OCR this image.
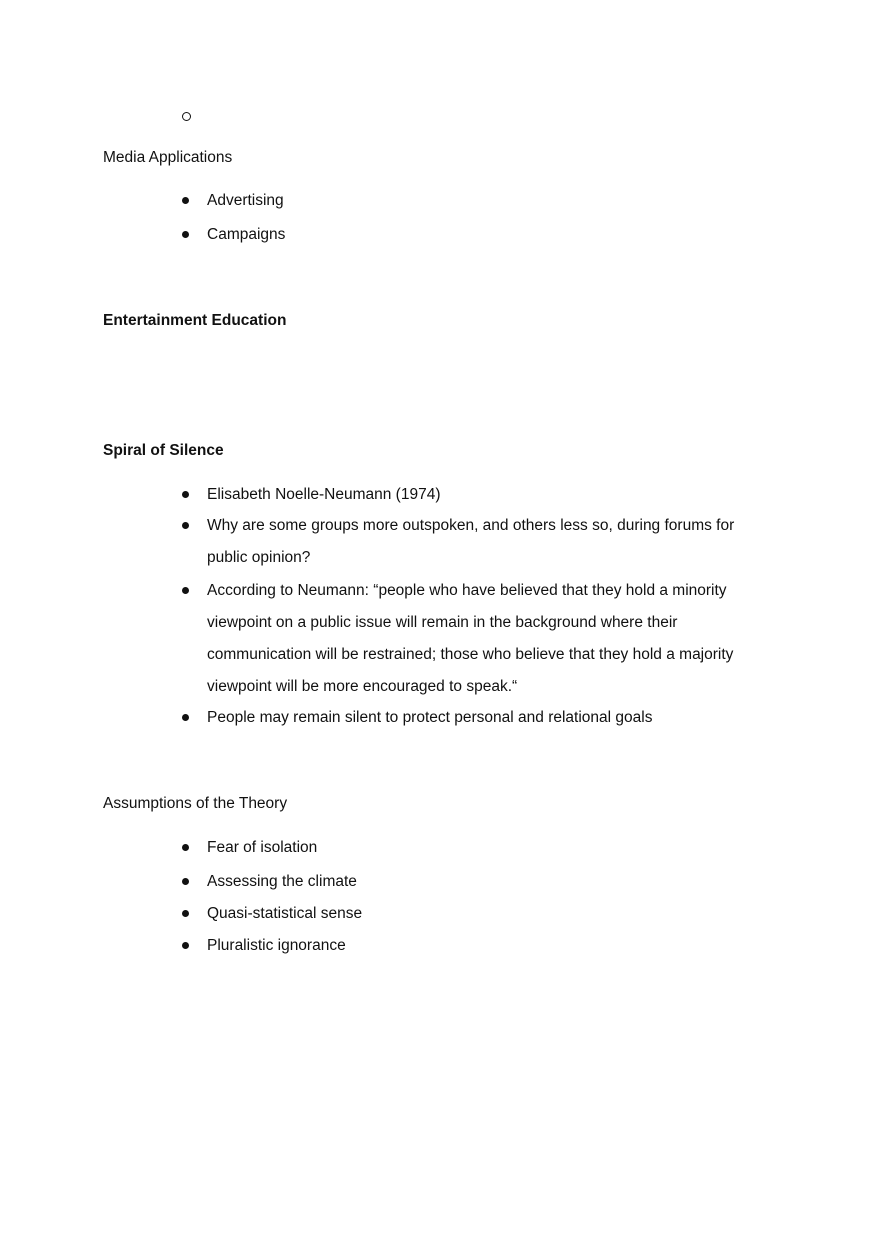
Media Applications
Advertising
Campaigns
Entertainment Education
Spiral of Silence
Elisabeth Noelle-Neumann (1974)
Why are some groups more outspoken, and others less so, during forums for
public opinion?
According to Neumann: “people who have believed that they hold a minority
viewpoint on a public issue will remain in the background where their
communication will be restrained; those who believe that they hold a majority
viewpoint will be more encouraged to speak.“
People may remain silent to protect personal and relational goals
Assumptions of the Theory
Fear of isolation
Assessing the climate
Quasi-statistical sense
Pluralistic ignorance
